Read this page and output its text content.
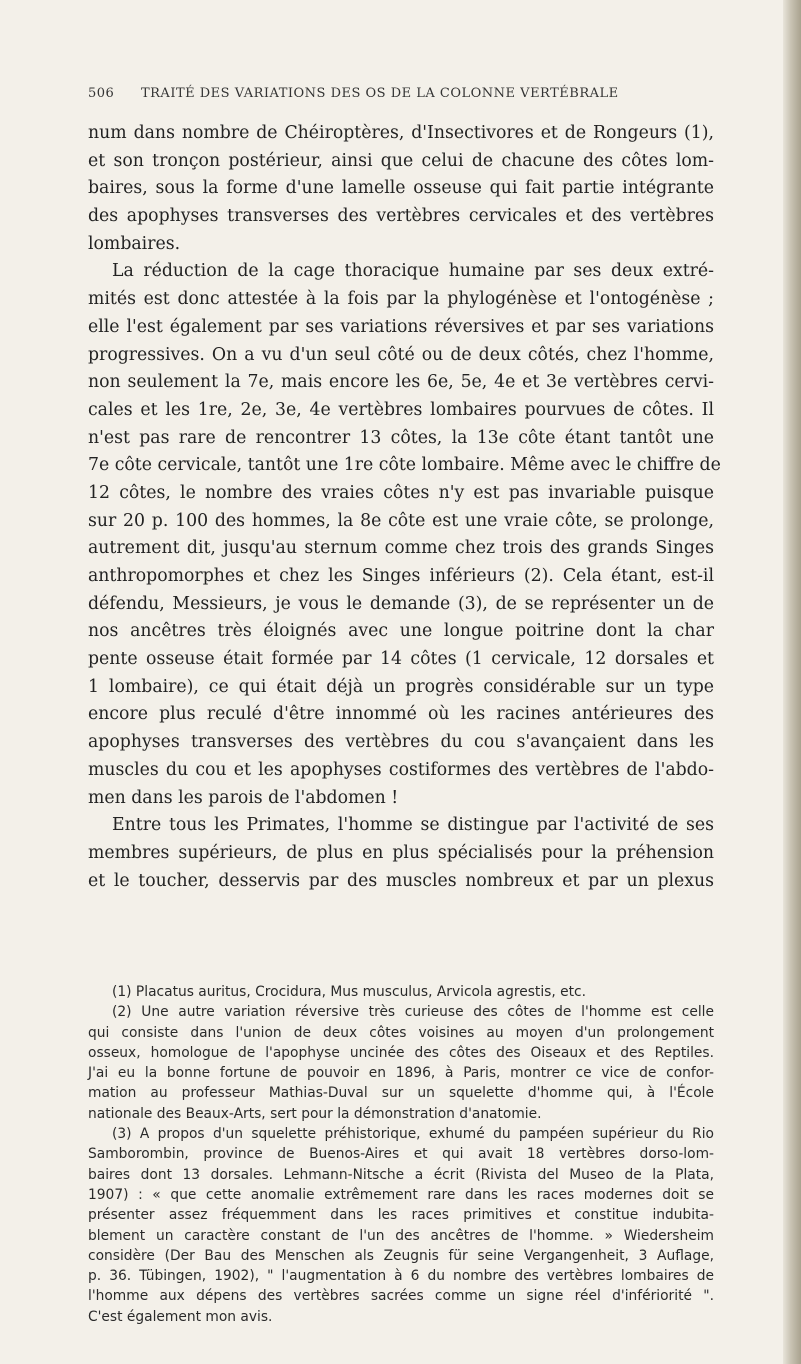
506 TRAITÉ DES VARIATIONS DES OS DE LA COLONNE VERTÉBRALE
num dans nombre de Chéiroptères, d'Insectivores et de Rongeurs (1),
et son tronçon postérieur, ainsi que celui de chacune des côtes lom-
baires, sous la forme d'une lamelle osseuse qui fait partie intégrante
des apophyses transverses des vertèbres cervicales et des vertèbres
lombaires.
La réduction de la cage thoracique humaine par ses deux extré-
mités est donc attestée à la fois par la phylogénèse et l'ontogénèse ;
elle l'est également par ses variations réversives et par ses variations
progressives. On a vu d'un seul côté ou de deux côtés, chez l'homme,
non seulement la 7e, mais encore les 6e, 5e, 4e et 3e vertèbres cervi-
cales et les 1re, 2e, 3e, 4e vertèbres lombaires pourvues de côtes. Il
n'est pas rare de rencontrer 13 côtes, la 13e côte étant tantôt une
7e côte cervicale, tantôt une 1re côte lombaire. Même avec le chiffre de
12 côtes, le nombre des vraies côtes n'y est pas invariable puisque
sur 20 p. 100 des hommes, la 8e côte est une vraie côte, se prolonge,
autrement dit, jusqu'au sternum comme chez trois des grands Singes
anthropomorphes et chez les Singes inférieurs (2). Cela étant, est-il
défendu, Messieurs, je vous le demande (3), de se représenter un de
nos ancêtres très éloignés avec une longue poitrine dont la char
pente osseuse était formée par 14 côtes (1 cervicale, 12 dorsales et
1 lombaire), ce qui était déjà un progrès considérable sur un type
encore plus reculé d'être innommé où les racines antérieures des
apophyses transverses des vertèbres du cou s'avançaient dans les
muscles du cou et les apophyses costiformes des vertèbres de l'abdo-
men dans les parois de l'abdomen !
Entre tous les Primates, l'homme se distingue par l'activité de ses
membres supérieurs, de plus en plus spécialisés pour la préhension
et le toucher, desservis par des muscles nombreux et par un plexus
(1) Placatus auritus, Crocidura, Mus musculus, Arvicola agrestis, etc.
(2) Une autre variation réversive très curieuse des côtes de l'homme est celle
qui consiste dans l'union de deux côtes voisines au moyen d'un prolongement
osseux, homologue de l'apophyse uncinée des côtes des Oiseaux et des Reptiles.
J'ai eu la bonne fortune de pouvoir en 1896, à Paris, montrer ce vice de confor-
mation au professeur Mathias-Duval sur un squelette d'homme qui, à l'École
nationale des Beaux-Arts, sert pour la démonstration d'anatomie.
(3) A propos d'un squelette préhistorique, exhumé du pampéen supérieur du Rio
Samborombin, province de Buenos-Aires et qui avait 18 vertèbres dorso-lom-
baires dont 13 dorsales. Lehmann-Nitsche a écrit (Rivista del Museo de la Plata,
1907) : « que cette anomalie extrêmement rare dans les races modernes doit se
présenter assez fréquemment dans les races primitives et constitue indubita-
blement un caractère constant de l'un des ancêtres de l'homme. » Wiedersheim
considère (Der Bau des Menschen als Zeugnis für seine Vergangenheit, 3 Auflage,
p. 36. Tübingen, 1902), " l'augmentation à 6 du nombre des vertèbres lombaires de
l'homme aux dépens des vertèbres sacrées comme un signe réel d'infériorité ".
C'est également mon avis.
